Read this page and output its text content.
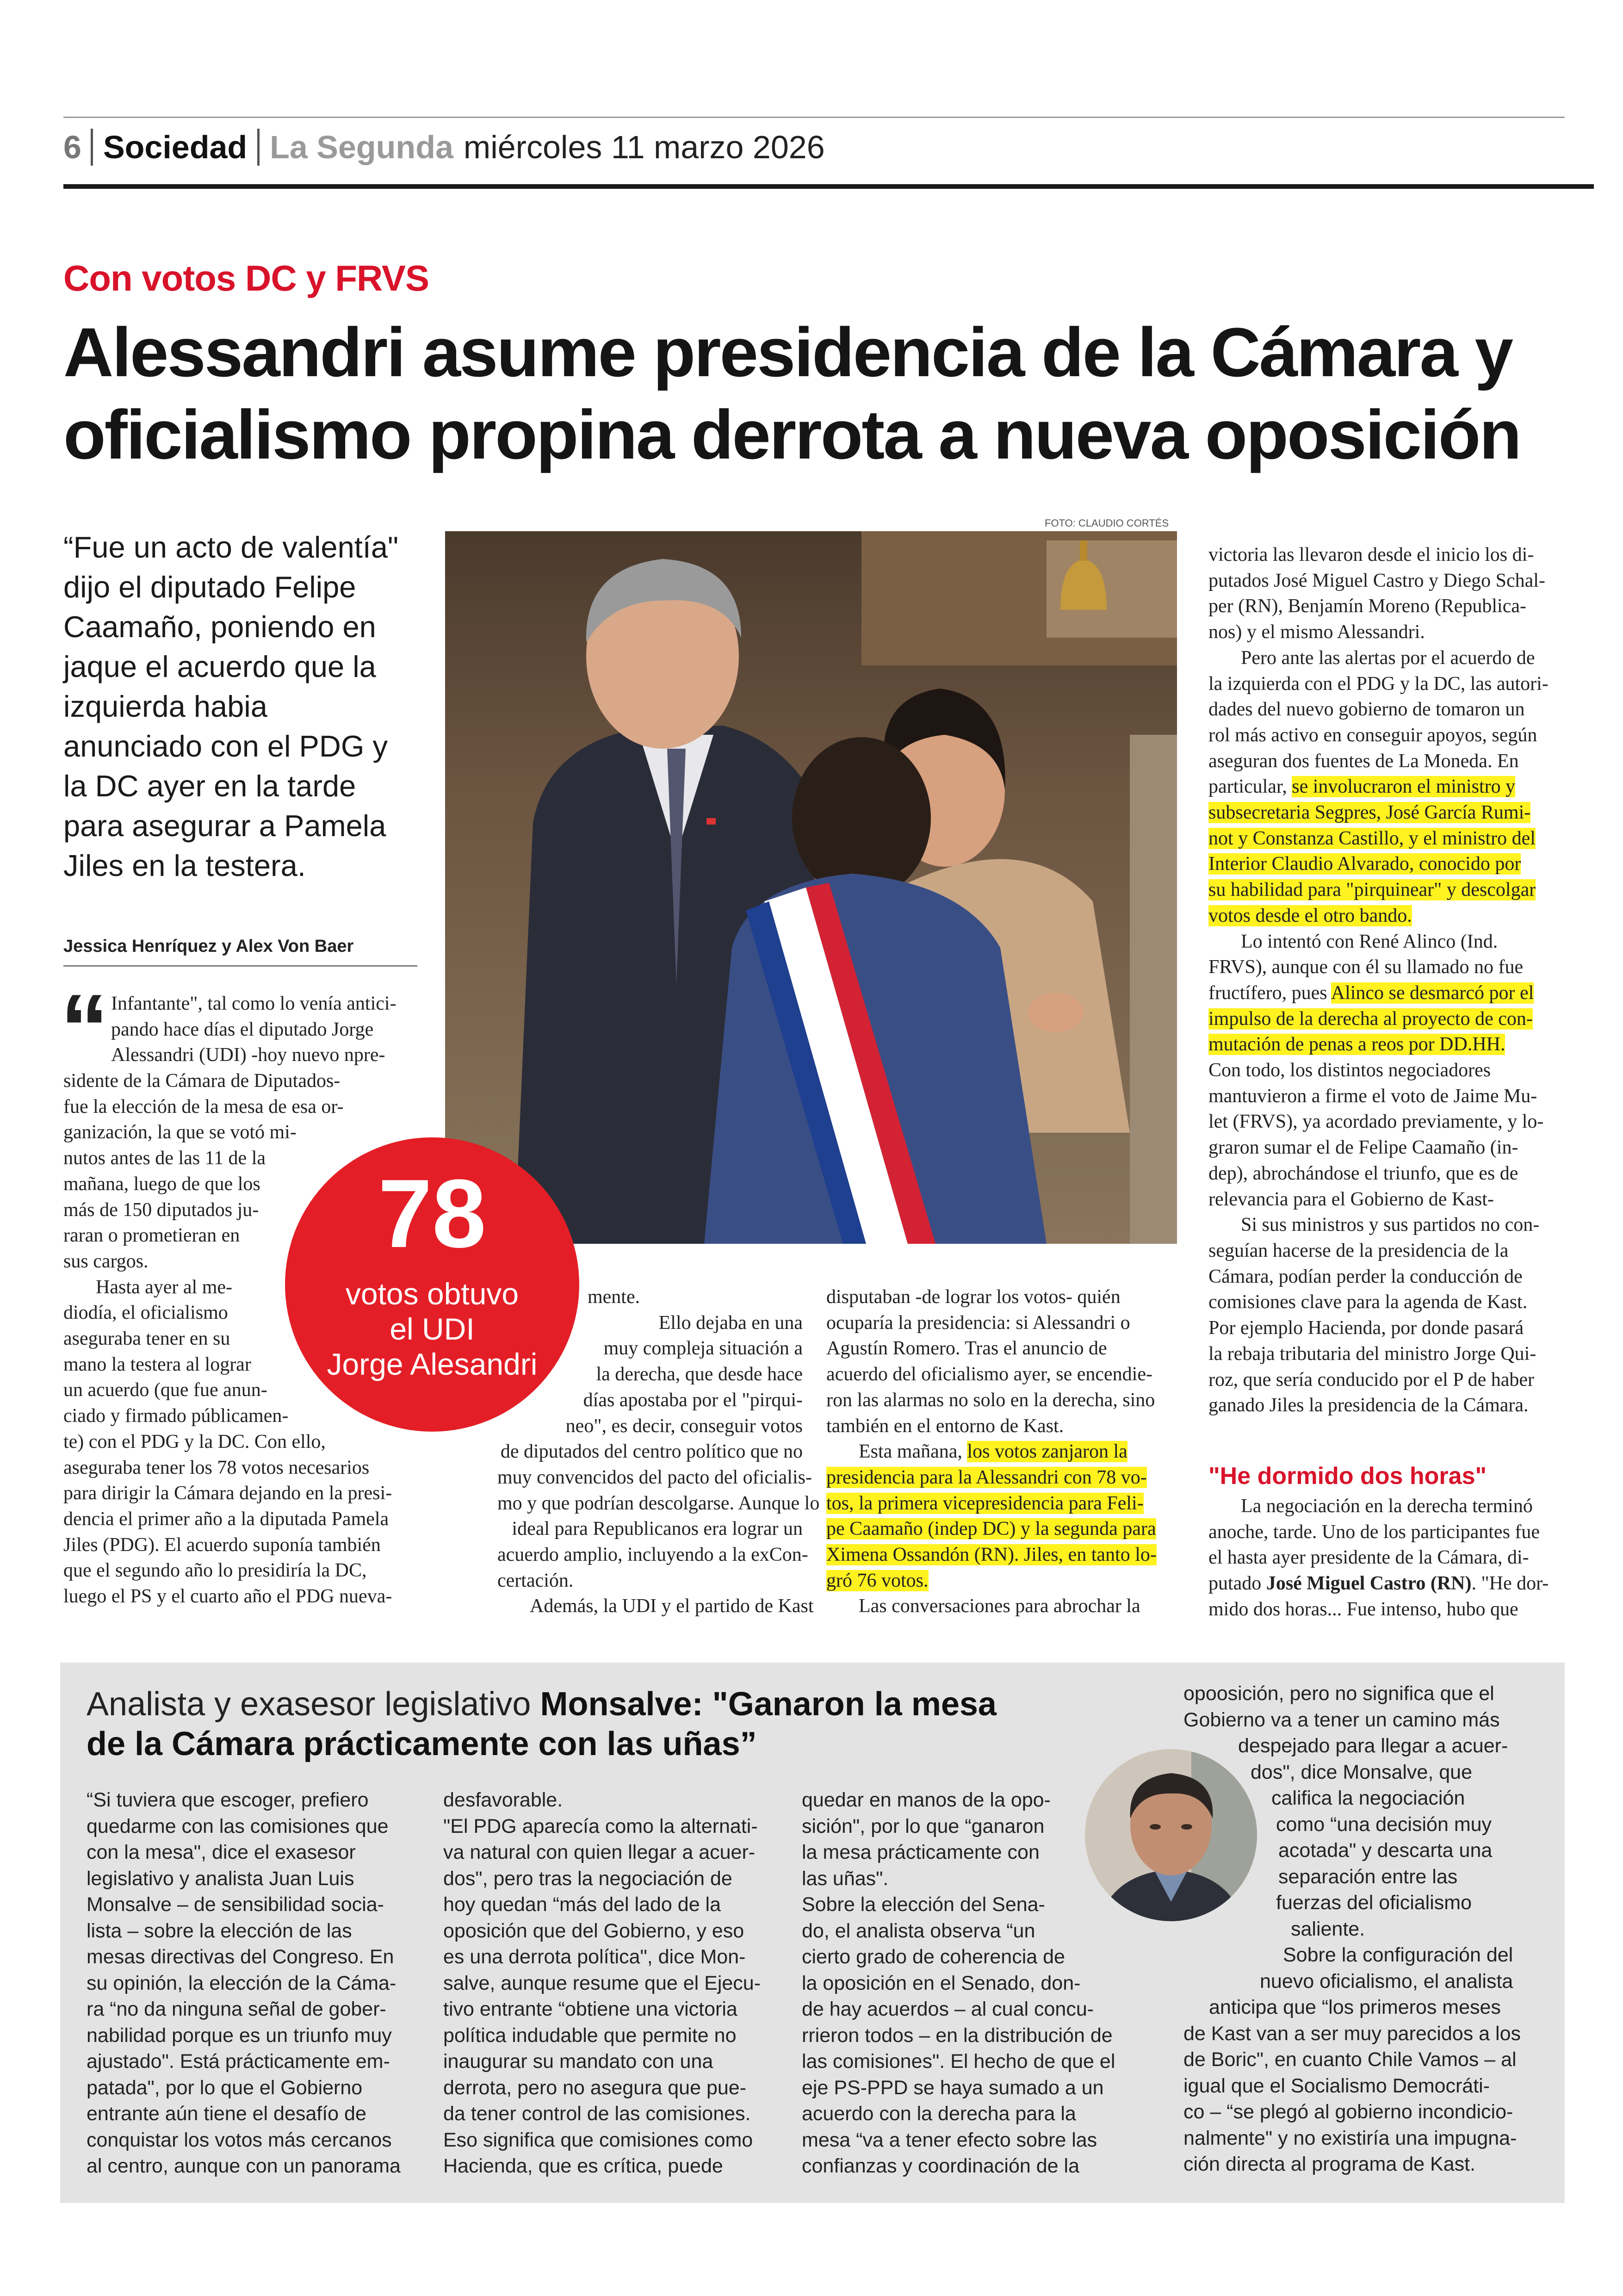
6 Sociedad La Segunda miércoles 11 marzo 2026
Con votos DC y FRVS
Alessandri asume presidencia de la Cámara y
oficialismo propina derrota a nueva oposición
“Fue un acto de valentía"
dijo el diputado Felipe
Caamaño, poniendo en
jaque el acuerdo que la
izquierda habia
anunciado con el PDG y
la DC ayer en la tarde
para asegurar a Pamela
Jiles en la testera.
Jessica Henríquez y Alex Von Baer
FOTO: CLAUDIO CORTÉS
“ Infantante", tal como lo venía antici-
pando hace días el diputado Jorge
Alessandri (UDI) -hoy nuevo npre-
sidente de la Cámara de Diputados-
fue la elección de la mesa de esa or-
ganización, la que se votó mi-
nutos antes de las 11 de la
mañana, luego de que los
más de 150 diputados ju-
raran o prometieran en
sus cargos.
Hasta ayer al me-
diodía, el oficialismo
aseguraba tener en su
mano la testera al lograr
un acuerdo (que fue anun-
ciado y firmado públicamen-
te) con el PDG y la DC. Con ello,
aseguraba tener los 78 votos necesarios
para dirigir la Cámara dejando en la presi-
dencia el primer año a la diputada Pamela
Jiles (PDG). El acuerdo suponía también
que el segundo año lo presidiría la DC,
luego el PS y el cuarto año el PDG nueva-
78
votos obtuvo
el UDI
Jorge Alesandri
mente.
Ello dejaba en una
muy compleja situación a
la derecha, que desde hace
días apostaba por el "pirqui-
neo", es decir, conseguir votos
de diputados del centro político que no
muy convencidos del pacto del oficialis-
mo y que podrían descolgarse. Aunque lo
ideal para Republicanos era lograr un
acuerdo amplio, incluyendo a la exCon-
certación.
Además, la UDI y el partido de Kast
disputaban -de lograr los votos- quién
ocuparía la presidencia: si Alessandri o
Agustín Romero. Tras el anuncio de
acuerdo del oficialismo ayer, se encendie-
ron las alarmas no solo en la derecha, sino
también en el entorno de Kast.
Esta mañana, los votos zanjaron la
presidencia para la Alessandri con 78 vo-
tos, la primera vicepresidencia para Feli-
pe Caamaño (indep DC) y la segunda para
Ximena Ossandón (RN). Jiles, en tanto lo-
gró 76 votos.
Las conversaciones para abrochar la
victoria las llevaron desde el inicio los di-
putados José Miguel Castro y Diego Schal-
per (RN), Benjamín Moreno (Republica-
nos) y el mismo Alessandri.
Pero ante las alertas por el acuerdo de
la izquierda con el PDG y la DC, las autori-
dades del nuevo gobierno de tomaron un
rol más activo en conseguir apoyos, según
aseguran dos fuentes de La Moneda. En
particular, se involucraron el ministro y
subsecretaria Segpres, José García Rumi-
not y Constanza Castillo, y el ministro del
Interior Claudio Alvarado, conocido por
su habilidad para "pirquinear" y descolgar
votos desde el otro bando.
Lo intentó con René Alinco (Ind.
FRVS), aunque con él su llamado no fue
fructífero, pues Alinco se desmarcó por el
impulso de la derecha al proyecto de con-
mutación de penas a reos por DD.HH.
Con todo, los distintos negociadores
mantuvieron a firme el voto de Jaime Mu-
let (FRVS), ya acordado previamente, y lo-
graron sumar el de Felipe Caamaño (in-
dep), abrochándose el triunfo, que es de
relevancia para el Gobierno de Kast-
Si sus ministros y sus partidos no con-
seguían hacerse de la presidencia de la
Cámara, podían perder la conducción de
comisiones clave para la agenda de Kast.
Por ejemplo Hacienda, por donde pasará
la rebaja tributaria del ministro Jorge Qui-
roz, que sería conducido por el P de haber
ganado Jiles la presidencia de la Cámara.
"He dormido dos horas"
La negociación en la derecha terminó
anoche, tarde. Uno de los participantes fue
el hasta ayer presidente de la Cámara, di-
putado José Miguel Castro (RN). "He dor-
mido dos horas... Fue intenso, hubo que
Analista y exasesor legislativo Monsalve: "Ganaron la mesa
de la Cámara prácticamente con las uñas”
“Si tuviera que escoger, prefiero
quedarme con las comisiones que
con la mesa", dice el exasesor
legislativo y analista Juan Luis
Monsalve – de sensibilidad socia-
lista – sobre la elección de las
mesas directivas del Congreso. En
su opinión, la elección de la Cáma-
ra “no da ninguna señal de gober-
nabilidad porque es un triunfo muy
ajustado". Está prácticamente em-
patada", por lo que el Gobierno
entrante aún tiene el desafío de
conquistar los votos más cercanos
al centro, aunque con un panorama
desfavorable.
"El PDG aparecía como la alternati-
va natural con quien llegar a acuer-
dos", pero tras la negociación de
hoy quedan “más del lado de la
oposición que del Gobierno, y eso
es una derrota política", dice Mon-
salve, aunque resume que el Ejecu-
tivo entrante “obtiene una victoria
política indudable que permite no
inaugurar su mandato con una
derrota, pero no asegura que pue-
da tener control de las comisiones.
Eso significa que comisiones como
Hacienda, que es crítica, puede
quedar en manos de la opo-
sición", por lo que “ganaron
la mesa prácticamente con
las uñas".
Sobre la elección del Sena-
do, el analista observa “un
cierto grado de coherencia de
la oposición en el Senado, don-
de hay acuerdos – al cual concu-
rrieron todos – en la distribución de
las comisiones". El hecho de que el
eje PS-PPD se haya sumado a un
acuerdo con la derecha para la
mesa “va a tener efecto sobre las
confianzas y coordinación de la
opoosición, pero no significa que el
Gobierno va a tener un camino más
despejado para llegar a acuer-
dos", dice Monsalve, que
califica la negociación
como “una decisión muy
acotada" y descarta una
separación entre las
fuerzas del oficialismo
saliente.
Sobre la configuración del
nuevo oficialismo, el analista
anticipa que “los primeros meses
de Kast van a ser muy parecidos a los
de Boric", en cuanto Chile Vamos – al
igual que el Socialismo Democráti-
co – “se plegó al gobierno incondicio-
nalmente" y no existiría una impugna-
ción directa al programa de Kast.
